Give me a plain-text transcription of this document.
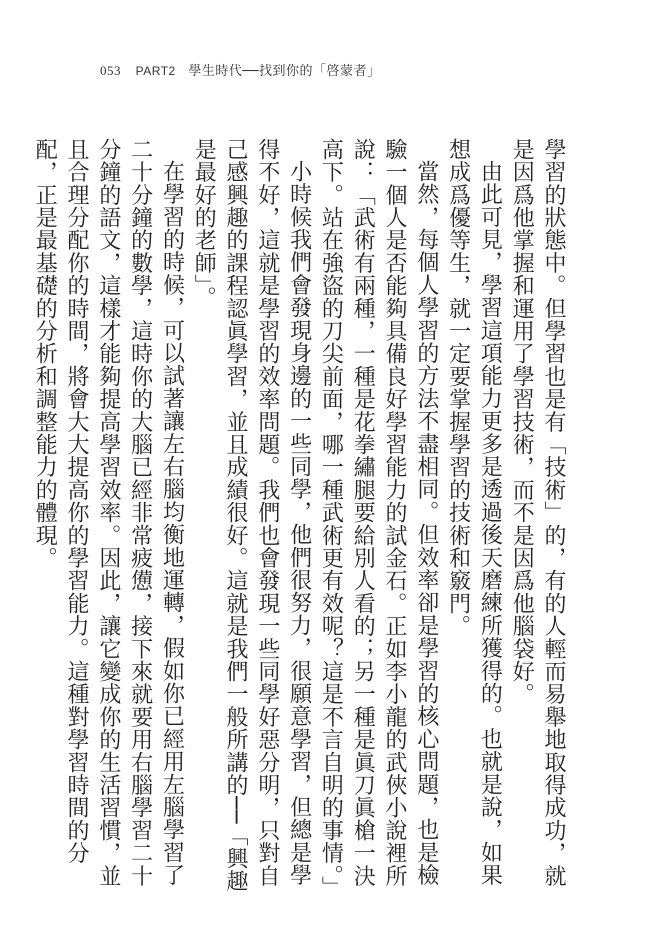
053 PART2 學生時代──找到你的「啓蒙者」

學習的狀態中。但學習也是有「技術」的，有的人輕而易舉地取得成功，就是因爲他掌握和運用了學習技術，而不是因爲他腦袋好。

由此可見，學習這項能力更多是透過後天磨練所獲得的。也就是說，如果想成爲優等生，就一定要掌握學習的技術和竅門。

當然，每個人學習的方法不盡相同。但效率卻是學習的核心問題，也是檢驗一個人是否能夠具備良好學習能力的試金石。正如李小龍的武俠小說裡所說：「武術有兩種，一種是花拳繡腿要給別人看的；另一種是眞刀眞槍一決高下。站在強盜的刀尖前面，哪一種武術更有效呢？這是不言自明的事情。」

小時候我們會發現身邊的一些同學，他們很努力，很願意學習，但總是學得不好，這就是學習的效率問題。我們也會發現一些同學好惡分明，只對自己感興趣的課程認眞學習，並且成績很好。這就是我們一般所講的──「興趣是最好的老師」。

在學習的時候，可以試著讓左右腦均衡地運轉，假如你已經用左腦學習了二十分鐘的數學，這時你的大腦已經非常疲憊，接下來就要用右腦學習二十分鐘的語文，這樣才能夠提高學習效率。因此，讓它變成你的生活習慣，並且合理分配你的時間，將會大大提高你的學習能力。這種對學習時間的分配，正是最基礎的分析和調整能力的體現。
